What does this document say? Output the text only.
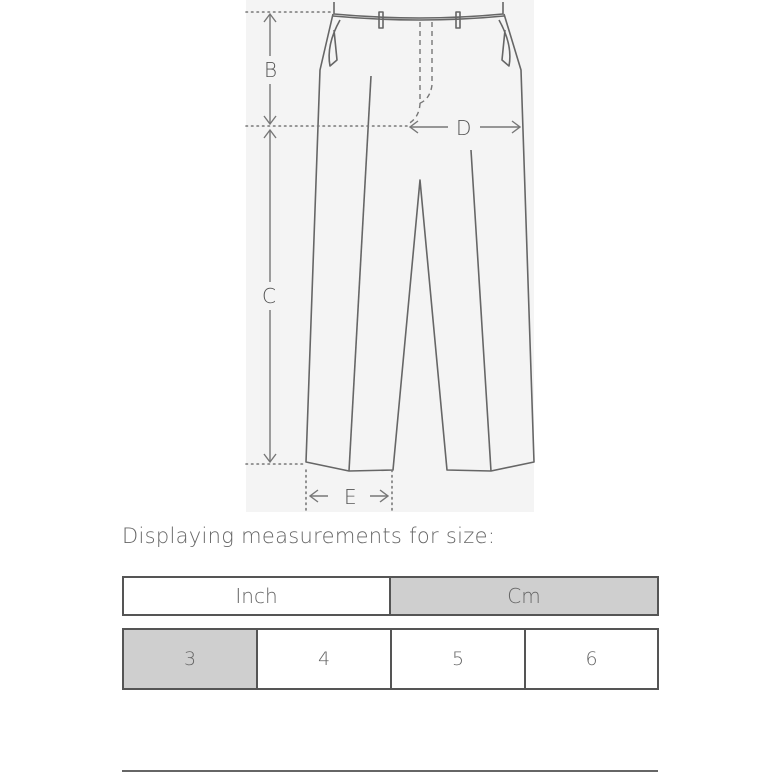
B
C
D
E
Displaying measurements for size:
Inch	Cm
3	4	5	6
